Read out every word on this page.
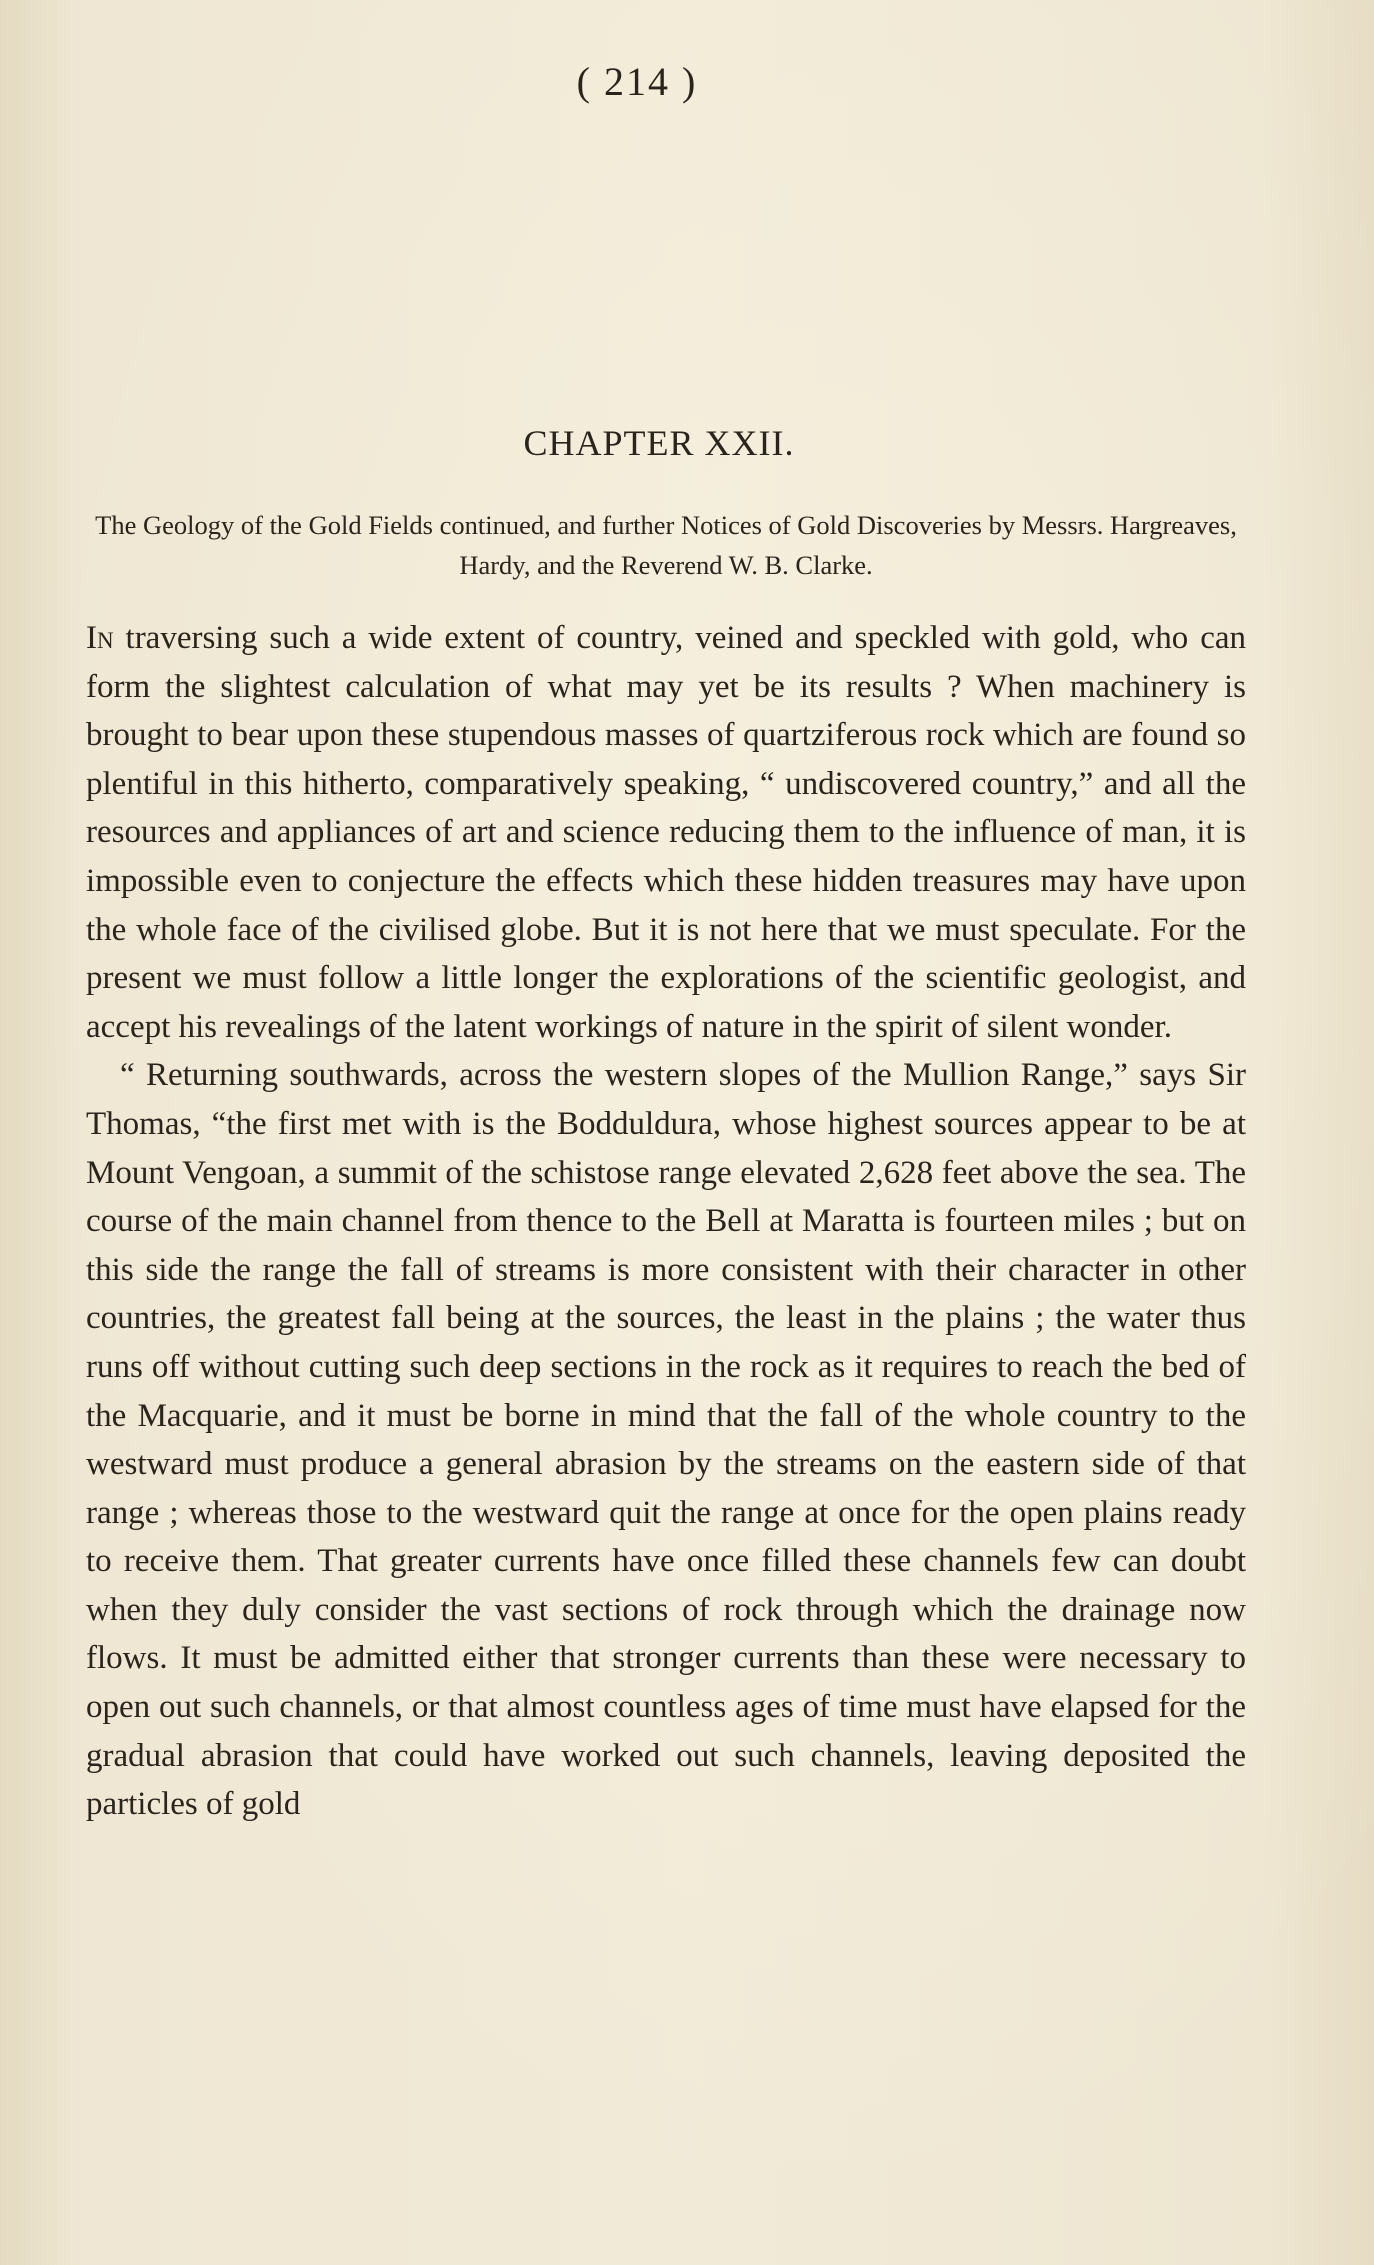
( 214 )
CHAPTER XXII.
The Geology of the Gold Fields continued, and further Notices of Gold Discoveries by Messrs. Hargreaves, Hardy, and the Reverend W. B. Clarke.

In traversing such a wide extent of country, veined and speckled with gold, who can form the slightest calculation of what may yet be its results ? When machinery is brought to bear upon these stupendous masses of quartziferous rock which are found so plentiful in this hitherto, comparatively speaking, “ undiscovered country,” and all the resources and appliances of art and science reducing them to the influence of man, it is impossible even to conjecture the effects which these hidden treasures may have upon the whole face of the civilised globe. But it is not here that we must speculate. For the present we must follow a little longer the explorations of the scientific geologist, and accept his revealings of the latent workings of nature in the spirit of silent wonder.

“ Returning southwards, across the western slopes of the Mullion Range,” says Sir Thomas, “the first met with is the Bodduldura, whose highest sources appear to be at Mount Vengoan, a summit of the schistose range elevated 2,628 feet above the sea. The course of the main channel from thence to the Bell at Maratta is fourteen miles ; but on this side the range the fall of streams is more consistent with their character in other countries, the greatest fall being at the sources, the least in the plains ; the water thus runs off without cutting such deep sections in the rock as it requires to reach the bed of the Macquarie, and it must be borne in mind that the fall of the whole country to the westward must produce a general abrasion by the streams on the eastern side of that range ; whereas those to the westward quit the range at once for the open plains ready to receive them. That greater currents have once filled these channels few can doubt when they duly consider the vast sections of rock through which the drainage now flows. It must be admitted either that stronger currents than these were necessary to open out such channels, or that almost countless ages of time must have elapsed for the gradual abrasion that could have worked out such channels, leaving deposited the particles of gold
